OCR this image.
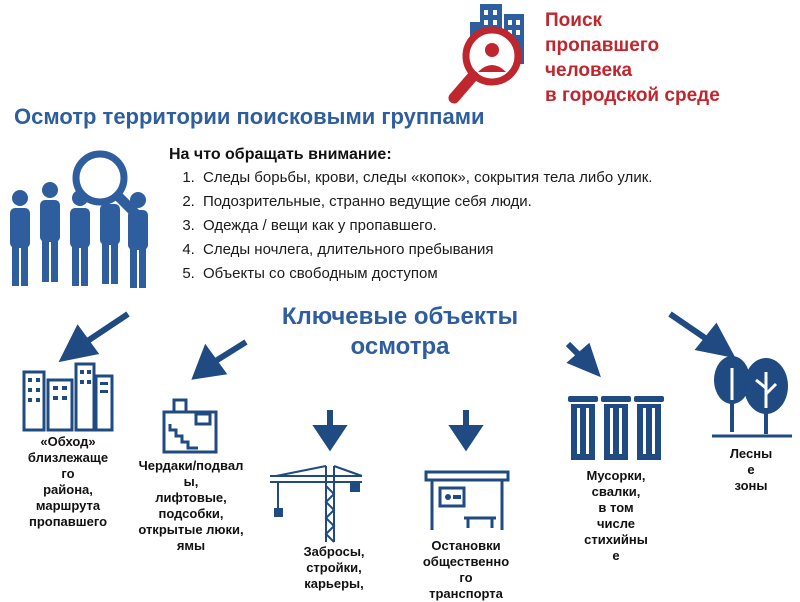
Поиск
пропавшего
человека
в городской среде
Осмотр территории поисковыми группами
На что обращать внимание:
1. Следы борьбы, крови, следы «копок», сокрытия тела либо улик.
2. Подозрительные, странно ведущие себя люди.
3. Одежда / вещи как у пропавшего.
4. Следы ночлега, длительного пребывания
5. Объекты со свободным доступом
Ключевые объекты
осмотра
«Обход»
близлежаще
го
района,
маршрута
пропавшего
Чердаки/подвал
ы,
лифтовые,
подсобки,
открытые люки,
ямы	Забросы,
стройки,
карьеры,
Остановки
общественно
го
транспорта
Мусорки,
свалки,
в том
числе
стихийны
е
Лесны
е
зоны
